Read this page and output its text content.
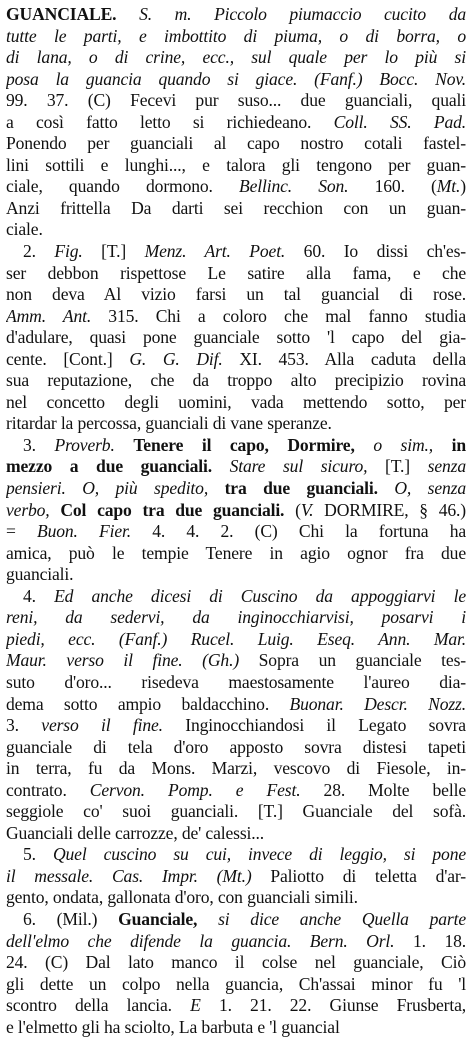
GUANCIALE. S. m. Piccolo piumaccio cucito da
tutte le parti, e imbottito di piuma, o di borra, o
di lana, o di crine, ecc., sul quale per lo più si
posa la guancia quando si giace. (Fanf.) Bocc. Nov.
99. 37. (C) Fecevi pur suso... due guanciali, quali
a così fatto letto si richiedeano. Coll. SS. Pad.
Ponendo per guanciali al capo nostro cotali fastel-
lini sottili e lunghi..., e talora gli tengono per guan-
ciale, quando dormono. Bellinc. Son. 160. (Mt.)
Anzi frittella Da darti sei recchion con un guan-
ciale.
2. Fig. [T.] Menz. Art. Poet. 60. Io dissi ch'es-
ser debbon rispettose Le satire alla fama, e che
non deva Al vizio farsi un tal guancial di rose.
Amm. Ant. 315. Chi a coloro che mal fanno studia
d'adulare, quasi pone guanciale sotto 'l capo del gia-
cente. [Cont.] G. G. Dif. XI. 453. Alla caduta della
sua reputazione, che da troppo alto precipizio rovina
nel concetto degli uomini, vada mettendo sotto, per
ritardar la percossa, guanciali di vane speranze.
3. Proverb. Tenere il capo, Dormire, o sim., in
mezzo a due guanciali. Stare sul sicuro, [T.] senza
pensieri. O, più spedito, tra due guanciali. O, senza
verbo, Col capo tra due guanciali. (V. DORMIRE, § 46.)
= Buon. Fier. 4. 4. 2. (C) Chi la fortuna ha
amica, può le tempie Tenere in agio ognor fra due
guanciali.
4. Ed anche dicesi di Cuscino da appoggiarvi le
reni, da sedervi, da inginocchiarvisi, posarvi i
piedi, ecc. (Fanf.) Rucel. Luig. Eseq. Ann. Mar.
Maur. verso il fine. (Gh.) Sopra un guanciale tes-
suto d'oro... risedeva maestosamente l'aureo dia-
dema sotto ampio baldacchino. Buonar. Descr. Nozz.
3. verso il fine. Inginocchiandosi il Legato sovra
guanciale di tela d'oro apposto sovra distesi tapeti
in terra, fu da Mons. Marzi, vescovo di Fiesole, in-
contrato. Cervon. Pomp. e Fest. 28. Molte belle
seggiole co' suoi guanciali. [T.] Guanciale del sofà.
Guanciali delle carrozze, de' calessi...
5. Quel cuscino su cui, invece di leggio, si pone
il messale. Cas. Impr. (Mt.) Paliotto di teletta d'ar-
gento, ondata, gallonata d'oro, con guanciali simili.
6. (Mil.) Guanciale, si dice anche Quella parte
dell'elmo che difende la guancia. Bern. Orl. 1. 18.
24. (C) Dal lato manco il colse nel guanciale, Ciò
gli dette un colpo nella guancia, Ch'assai minor fu 'l
scontro della lancia. E 1. 21. 22. Giunse Frusberta,
e l'elmetto gli ha sciolto, La barbuta e 'l guancial
